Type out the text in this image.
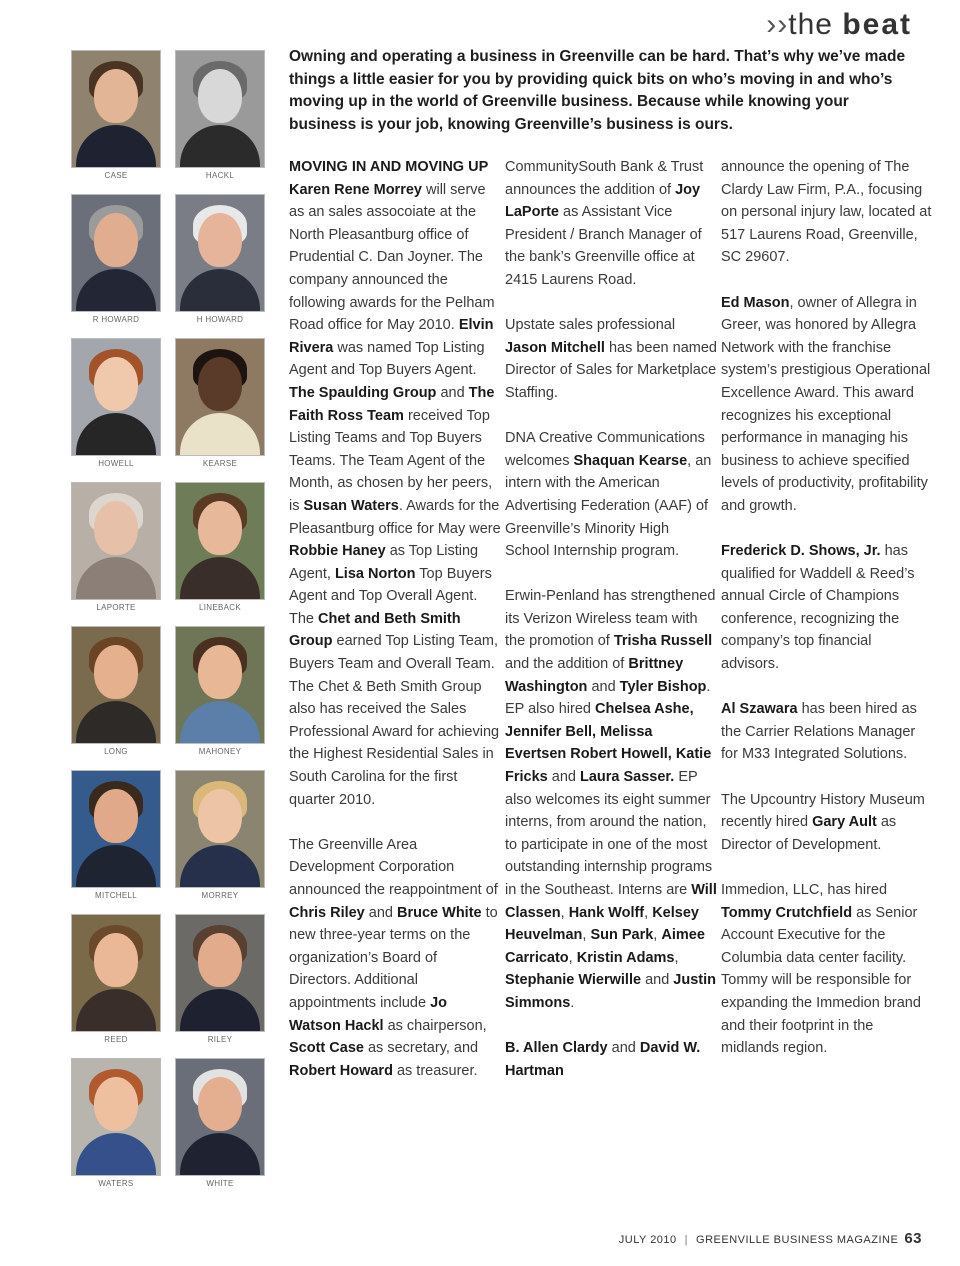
››the beat
Owning and operating a business in Greenville can be hard. That’s why we’ve made things a little easier for you by providing quick bits on who’s moving in and who’s moving up in the world of Greenville business. Because while knowing your business is your job, knowing Greenville’s business is ours.
CASE	HACKL
R HOWARD	H HOWARD
HOWELL	KEARSE
LAPORTE	LINEBACK
LONG	MAHONEY
MITCHELL	MORREY
REED	RILEY
WATERS	WHITE

MOVING IN AND MOVING UP
Karen Rene Morrey will serve as an sales assocoiate at the North Pleasantburg office of Prudential C. Dan Joyner. The company announced the following awards for the Pelham Road office for May 2010. Elvin Rivera was named Top Listing Agent and Top Buyers Agent. The Spaulding Group and The Faith Ross Team received Top Listing Teams and Top Buyers Teams. The Team Agent of the Month, as chosen by her peers, is Susan Waters. Awards for the Pleasantburg office for May were Robbie Haney as Top Listing Agent, Lisa Norton Top Buyers Agent and Top Overall Agent. The Chet and Beth Smith Group earned Top Listing Team, Buyers Team and Overall Team. The Chet & Beth Smith Group also has received the Sales Professional Award for achieving the Highest Residential Sales in South Carolina for the first quarter 2010.

The Greenville Area Development Corporation announced the reappointment of Chris Riley and Bruce White to new three-year terms on the organization’s Board of Directors. Additional appointments include Jo Watson Hackl as chairperson, Scott Case as secretary, and Robert Howard as treasurer.

CommunitySouth Bank & Trust announces the addition of Joy LaPorte as Assistant Vice President / Branch Manager of the bank’s Greenville office at 2415 Laurens Road.

Upstate sales professional Jason Mitchell has been named Director of Sales for Marketplace Staffing.

DNA Creative Communications welcomes Shaquan Kearse, an intern with the American Advertising Federation (AAF) of Greenville’s Minority High School Internship program.

Erwin-Penland has strengthened its Verizon Wireless team with the promotion of Trisha Russell and the addition of Brittney Washington and Tyler Bishop. EP also hired Chelsea Ashe, Jennifer Bell, Melissa Evertsen Robert Howell, Katie Fricks and Laura Sasser. EP also welcomes its eight summer interns, from around the nation, to participate in one of the most outstanding internship programs in the Southeast. Interns are Will Classen, Hank Wolff, Kelsey Heuvelman, Sun Park, Aimee Carricato, Kristin Adams, Stephanie Wierwille and Justin Simmons.

B. Allen Clardy and David W. Hartman

announce the opening of The Clardy Law Firm, P.A., focusing on personal injury law, located at 517 Laurens Road, Greenville, SC 29607.

Ed Mason, owner of Allegra in Greer, was honored by Allegra Network with the franchise system’s prestigious Operational Excellence Award. This award recognizes his exceptional performance in managing his business to achieve specified levels of productivity, profitability and growth.

Frederick D. Shows, Jr. has qualified for Waddell & Reed’s annual Circle of Champions conference, recognizing the company’s top financial advisors.

Al Szawara has been hired as the Carrier Relations Manager for M33 Integrated Solutions.

The Upcountry History Museum recently hired Gary Ault as Director of Development.

Immedion, LLC, has hired Tommy Crutchfield as Senior Account Executive for the Columbia data center facility. Tommy will be responsible for expanding the Immedion brand and their footprint in the midlands region.

JULY 2010 | GREENVILLE BUSINESS MAGAZINE 63
